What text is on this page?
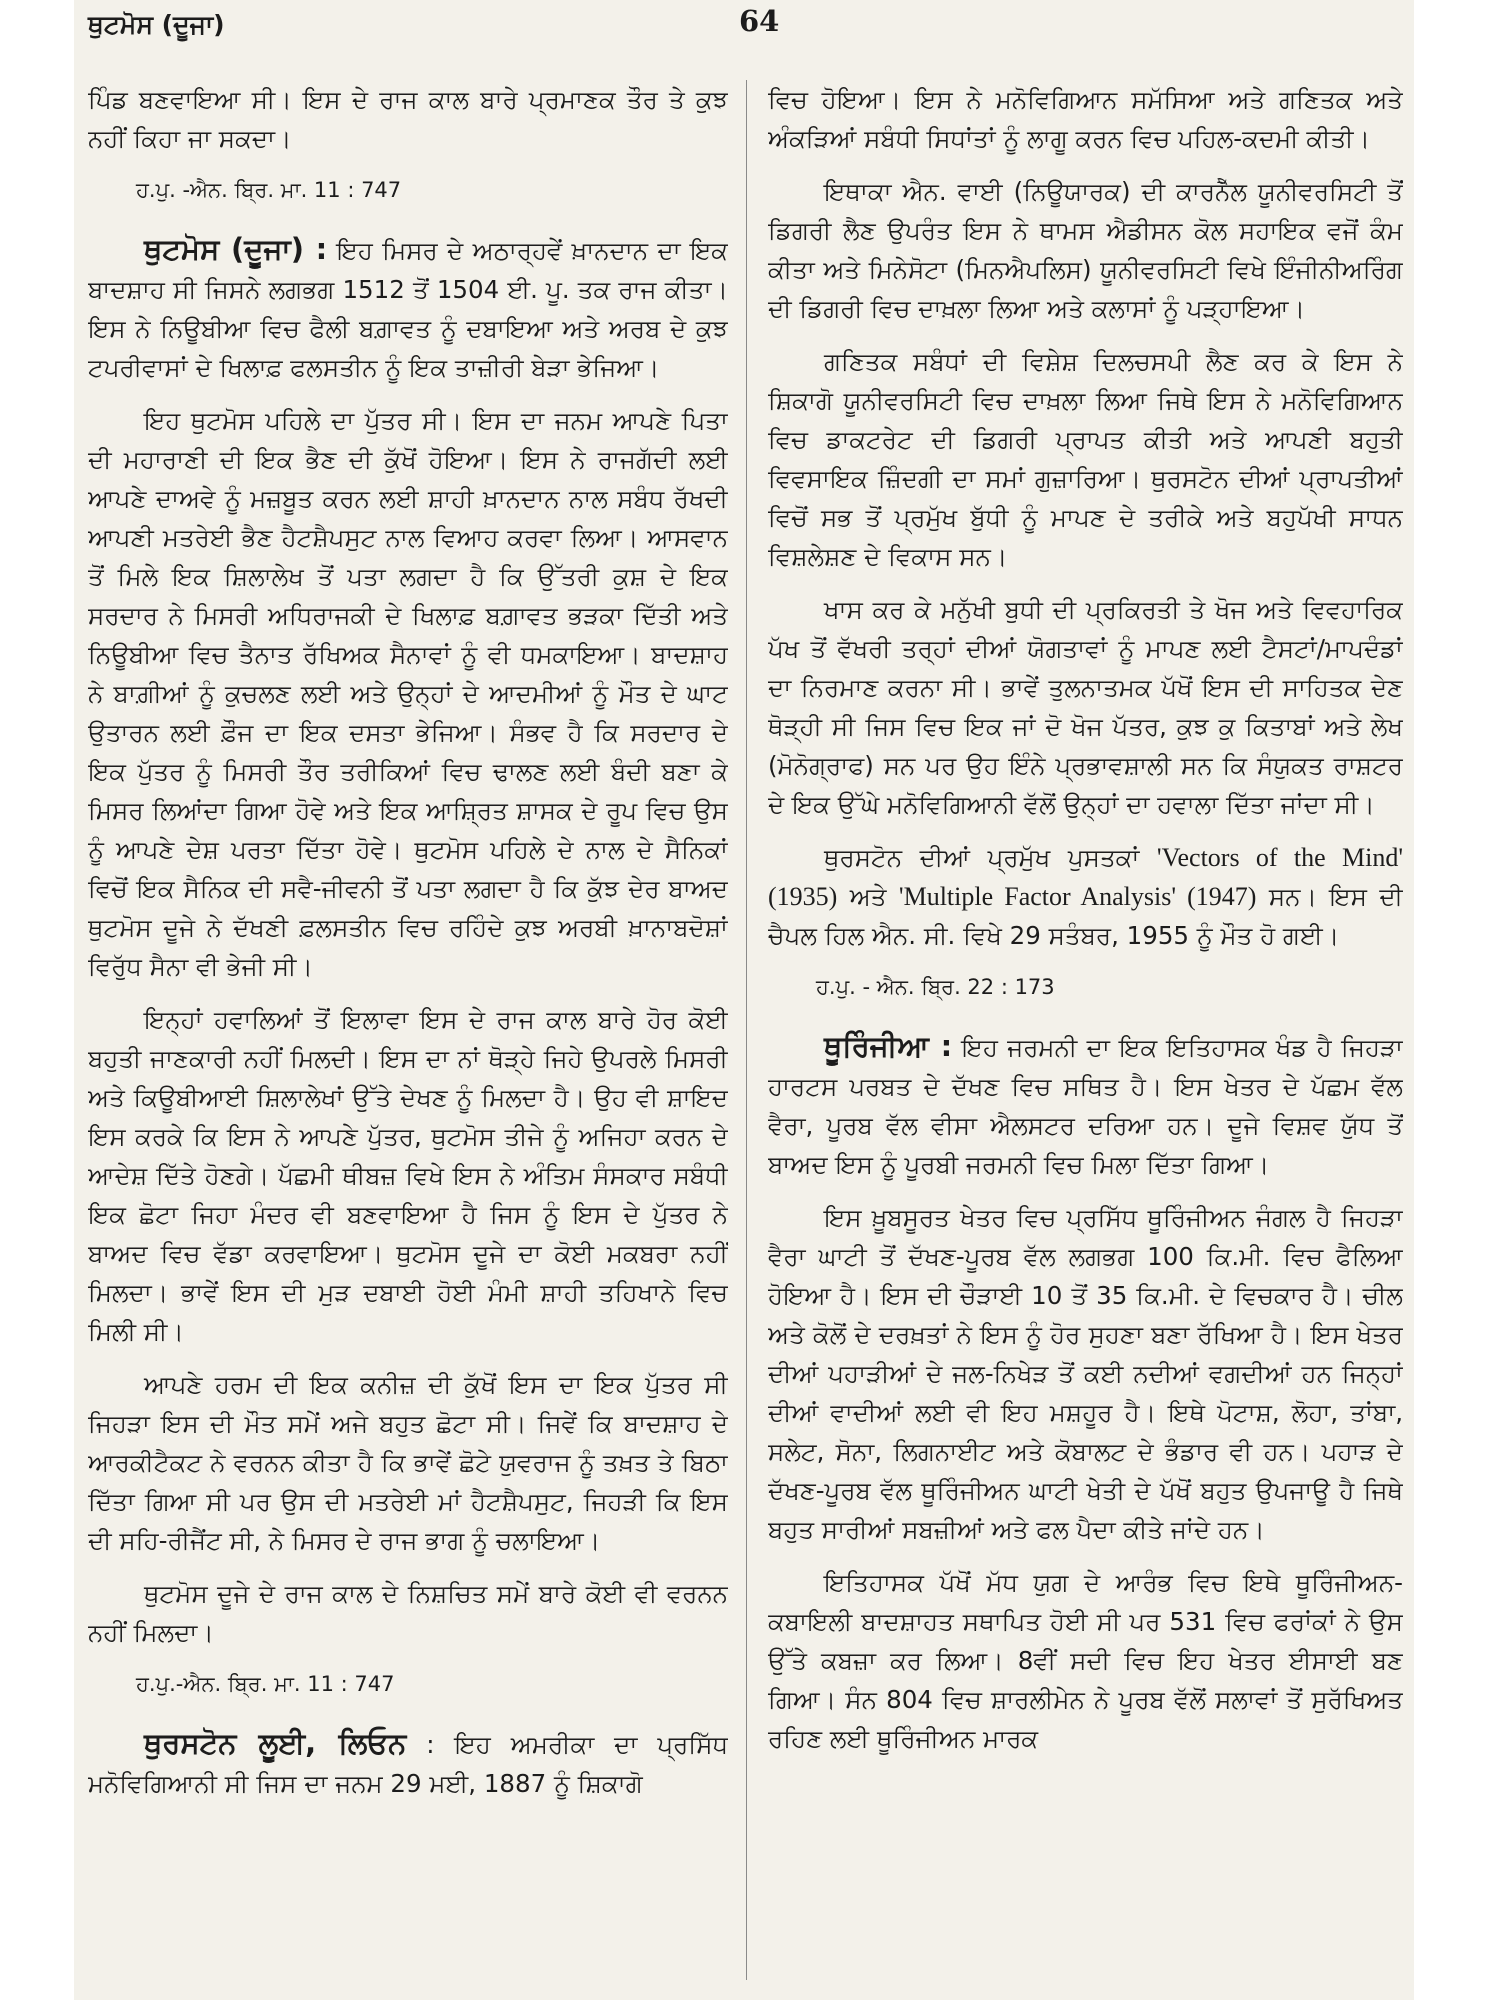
ਥੁਟਮੋਸ (ਦੂਜਾ)	64

ਪਿੰਡ ਬਣਵਾਇਆ ਸੀ। ਇਸ ਦੇ ਰਾਜ ਕਾਲ ਬਾਰੇ ਪ੍ਰਮਾਣਕ ਤੌਰ ਤੇ ਕੁਝ ਨਹੀਂ ਕਿਹਾ ਜਾ ਸਕਦਾ।

ਹ.ਪੁ. -ਐਨ. ਬ੍ਰਿ. ਮਾ. 11 : 747

ਥੁਟਮੋਸ (ਦੂਜਾ) : ਇਹ ਮਿਸਰ ਦੇ ਅਠਾਰ੍ਹਵੇਂ ਖ਼ਾਨਦਾਨ ਦਾ ਇਕ ਬਾਦਸ਼ਾਹ ਸੀ ਜਿਸਨੇ ਲਗਭਗ 1512 ਤੋਂ 1504 ਈ. ਪੂ. ਤਕ ਰਾਜ ਕੀਤਾ। ਇਸ ਨੇ ਨਿਊਬੀਆ ਵਿਚ ਫੈਲੀ ਬਗ਼ਾਵਤ ਨੂੰ ਦਬਾਇਆ ਅਤੇ ਅਰਬ ਦੇ ਕੁਝ ਟਪਰੀਵਾਸਾਂ ਦੇ ਖਿਲਾਫ਼ ਫਲਸਤੀਨ ਨੂੰ ਇਕ ਤਾਜ਼ੀਰੀ ਬੇੜਾ ਭੇਜਿਆ।

ਇਹ ਥੁਟਮੋਸ ਪਹਿਲੇ ਦਾ ਪੁੱਤਰ ਸੀ। ਇਸ ਦਾ ਜਨਮ ਆਪਣੇ ਪਿਤਾ ਦੀ ਮਹਾਰਾਣੀ ਦੀ ਇਕ ਭੈਣ ਦੀ ਕੁੱਖੋਂ ਹੋਇਆ। ਇਸ ਨੇ ਰਾਜਗੱਦੀ ਲਈ ਆਪਣੇ ਦਾਅਵੇ ਨੂੰ ਮਜ਼ਬੂਤ ਕਰਨ ਲਈ ਸ਼ਾਹੀ ਖ਼ਾਨਦਾਨ ਨਾਲ ਸਬੰਧ ਰੱਖਦੀ ਆਪਣੀ ਮਤਰੇਈ ਭੈਣ ਹੈਟਸ਼ੈਪਸੁਟ ਨਾਲ ਵਿਆਹ ਕਰਵਾ ਲਿਆ। ਆਸਵਾਨ ਤੋਂ ਮਿਲੇ ਇਕ ਸ਼ਿਲਾਲੇਖ ਤੋਂ ਪਤਾ ਲਗਦਾ ਹੈ ਕਿ ਉੱਤਰੀ ਕੁਸ਼ ਦੇ ਇਕ ਸਰਦਾਰ ਨੇ ਮਿਸਰੀ ਅਧਿਰਾਜਕੀ ਦੇ ਖਿਲਾਫ਼ ਬਗ਼ਾਵਤ ਭੜਕਾ ਦਿੱਤੀ ਅਤੇ ਨਿਊਬੀਆ ਵਿਚ ਤੈਨਾਤ ਰੱਖਿਅਕ ਸੈਨਾਵਾਂ ਨੂੰ ਵੀ ਧਮਕਾਇਆ। ਬਾਦਸ਼ਾਹ ਨੇ ਬਾਗ਼ੀਆਂ ਨੂੰ ਕੁਚਲਣ ਲਈ ਅਤੇ ਉਨ੍ਹਾਂ ਦੇ ਆਦਮੀਆਂ ਨੂੰ ਮੌਤ ਦੇ ਘਾਟ ਉਤਾਰਨ ਲਈ ਫ਼ੌਜ ਦਾ ਇਕ ਦਸਤਾ ਭੇਜਿਆ। ਸੰਭਵ ਹੈ ਕਿ ਸਰਦਾਰ ਦੇ ਇਕ ਪੁੱਤਰ ਨੂੰ ਮਿਸਰੀ ਤੌਰ ਤਰੀਕਿਆਂ ਵਿਚ ਢਾਲਣ ਲਈ ਬੰਦੀ ਬਣਾ ਕੇ ਮਿਸਰ ਲਿਆਂਦਾ ਗਿਆ ਹੋਵੇ ਅਤੇ ਇਕ ਆਸ਼੍ਰਿਤ ਸ਼ਾਸਕ ਦੇ ਰੂਪ ਵਿਚ ਉਸ ਨੂੰ ਆਪਣੇ ਦੇਸ਼ ਪਰਤਾ ਦਿੱਤਾ ਹੋਵੇ। ਥੁਟਮੋਸ ਪਹਿਲੇ ਦੇ ਨਾਲ ਦੇ ਸੈਨਿਕਾਂ ਵਿਚੋਂ ਇਕ ਸੈਨਿਕ ਦੀ ਸਵੈ-ਜੀਵਨੀ ਤੋਂ ਪਤਾ ਲਗਦਾ ਹੈ ਕਿ ਕੁੱਝ ਦੇਰ ਬਾਅਦ ਥੁਟਮੋਸ ਦੂਜੇ ਨੇ ਦੱਖਣੀ ਫ਼ਲਸਤੀਨ ਵਿਚ ਰਹਿੰਦੇ ਕੁਝ ਅਰਬੀ ਖ਼ਾਨਾਬਦੋਸ਼ਾਂ ਵਿਰੁੱਧ ਸੈਨਾ ਵੀ ਭੇਜੀ ਸੀ।

ਇਨ੍ਹਾਂ ਹਵਾਲਿਆਂ ਤੋਂ ਇਲਾਵਾ ਇਸ ਦੇ ਰਾਜ ਕਾਲ ਬਾਰੇ ਹੋਰ ਕੋਈ ਬਹੁਤੀ ਜਾਣਕਾਰੀ ਨਹੀਂ ਮਿਲਦੀ। ਇਸ ਦਾ ਨਾਂ ਥੋੜ੍ਹੇ ਜਿਹੇ ਉਪਰਲੇ ਮਿਸਰੀ ਅਤੇ ਕਿਊਬੀਆਈ ਸ਼ਿਲਾਲੇਖਾਂ ਉੱਤੇ ਦੇਖਣ ਨੂੰ ਮਿਲਦਾ ਹੈ। ਉਹ ਵੀ ਸ਼ਾਇਦ ਇਸ ਕਰਕੇ ਕਿ ਇਸ ਨੇ ਆਪਣੇ ਪੁੱਤਰ, ਥੁਟਮੋਸ ਤੀਜੇ ਨੂੰ ਅਜਿਹਾ ਕਰਨ ਦੇ ਆਦੇਸ਼ ਦਿੱਤੇ ਹੋਣਗੇ। ਪੱਛਮੀ ਥੀਬਜ਼ ਵਿਖੇ ਇਸ ਨੇ ਅੰਤਿਮ ਸੰਸਕਾਰ ਸਬੰਧੀ ਇਕ ਛੋਟਾ ਜਿਹਾ ਮੰਦਰ ਵੀ ਬਣਵਾਇਆ ਹੈ ਜਿਸ ਨੂੰ ਇਸ ਦੇ ਪੁੱਤਰ ਨੇ ਬਾਅਦ ਵਿਚ ਵੱਡਾ ਕਰਵਾਇਆ। ਥੁਟਮੋਸ ਦੂਜੇ ਦਾ ਕੋਈ ਮਕਬਰਾ ਨਹੀਂ ਮਿਲਦਾ। ਭਾਵੇਂ ਇਸ ਦੀ ਮੁੜ ਦਬਾਈ ਹੋਈ ਮੰਮੀ ਸ਼ਾਹੀ ਤਹਿਖਾਨੇ ਵਿਚ ਮਿਲੀ ਸੀ।

ਆਪਣੇ ਹਰਮ ਦੀ ਇਕ ਕਨੀਜ਼ ਦੀ ਕੁੱਖੋਂ ਇਸ ਦਾ ਇਕ ਪੁੱਤਰ ਸੀ ਜਿਹੜਾ ਇਸ ਦੀ ਮੌਤ ਸਮੇਂ ਅਜੇ ਬਹੁਤ ਛੋਟਾ ਸੀ। ਜਿਵੇਂ ਕਿ ਬਾਦਸ਼ਾਹ ਦੇ ਆਰਕੀਟੈਕਟ ਨੇ ਵਰਨਨ ਕੀਤਾ ਹੈ ਕਿ ਭਾਵੇਂ ਛੋਟੇ ਯੁਵਰਾਜ ਨੂੰ ਤਖ਼ਤ ਤੇ ਬਿਠਾ ਦਿੱਤਾ ਗਿਆ ਸੀ ਪਰ ਉਸ ਦੀ ਮਤਰੇਈ ਮਾਂ ਹੈਟਸ਼ੈਪਸੁਟ, ਜਿਹੜੀ ਕਿ ਇਸ ਦੀ ਸਹਿ-ਰੀਜੈਂਟ ਸੀ, ਨੇ ਮਿਸਰ ਦੇ ਰਾਜ ਭਾਗ ਨੂੰ ਚਲਾਇਆ।

ਥੁਟਮੋਸ ਦੂਜੇ ਦੇ ਰਾਜ ਕਾਲ ਦੇ ਨਿਸ਼ਚਿਤ ਸਮੇਂ ਬਾਰੇ ਕੋਈ ਵੀ ਵਰਨਨ ਨਹੀਂ ਮਿਲਦਾ।

ਹ.ਪੁ.-ਐਨ. ਬ੍ਰਿ. ਮਾ. 11 : 747

ਥੁਰਸਟੋਨ ਲੂਈ, ਲਿਓਨ : ਇਹ ਅਮਰੀਕਾ ਦਾ ਪ੍ਰਸਿੱਧ ਮਨੋਵਿਗਿਆਨੀ ਸੀ ਜਿਸ ਦਾ ਜਨਮ 29 ਮਈ, 1887 ਨੂੰ ਸ਼ਿਕਾਗੋ

ਵਿਚ ਹੋਇਆ। ਇਸ ਨੇ ਮਨੋਵਿਗਿਆਨ ਸਮੱਸਿਆ ਅਤੇ ਗਣਿਤਕ ਅਤੇ ਅੰਕੜਿਆਂ ਸਬੰਧੀ ਸਿਧਾਂਤਾਂ ਨੂੰ ਲਾਗੂ ਕਰਨ ਵਿਚ ਪਹਿਲ-ਕਦਮੀ ਕੀਤੀ।

ਇਥਾਕਾ ਐਨ. ਵਾਈ (ਨਿਊਯਾਰਕ) ਦੀ ਕਾਰਨੈੱਲ ਯੂਨੀਵਰਸਿਟੀ ਤੋਂ ਡਿਗਰੀ ਲੈਣ ਉਪਰੰਤ ਇਸ ਨੇ ਥਾਮਸ ਐਡੀਸਨ ਕੋਲ ਸਹਾਇਕ ਵਜੋਂ ਕੰਮ ਕੀਤਾ ਅਤੇ ਮਿਨੇਸੋਟਾ (ਮਿਨਐਪਲਿਸ) ਯੂਨੀਵਰਸਿਟੀ ਵਿਖੇ ਇੰਜੀਨੀਅਰਿੰਗ ਦੀ ਡਿਗਰੀ ਵਿਚ ਦਾਖ਼ਲਾ ਲਿਆ ਅਤੇ ਕਲਾਸਾਂ ਨੂੰ ਪੜ੍ਹਾਇਆ।

ਗਣਿਤਕ ਸਬੰਧਾਂ ਦੀ ਵਿਸ਼ੇਸ਼ ਦਿਲਚਸਪੀ ਲੈਣ ਕਰ ਕੇ ਇਸ ਨੇ ਸ਼ਿਕਾਗੋ ਯੂਨੀਵਰਸਿਟੀ ਵਿਚ ਦਾਖ਼ਲਾ ਲਿਆ ਜਿਥੇ ਇਸ ਨੇ ਮਨੋਵਿਗਿਆਨ ਵਿਚ ਡਾਕਟਰੇਟ ਦੀ ਡਿਗਰੀ ਪ੍ਰਾਪਤ ਕੀਤੀ ਅਤੇ ਆਪਣੀ ਬਹੁਤੀ ਵਿਵਸਾਇਕ ਜ਼ਿੰਦਗੀ ਦਾ ਸਮਾਂ ਗੁਜ਼ਾਰਿਆ। ਥੁਰਸਟੋਨ ਦੀਆਂ ਪ੍ਰਾਪਤੀਆਂ ਵਿਚੋਂ ਸਭ ਤੋਂ ਪ੍ਰਮੁੱਖ ਬੁੱਧੀ ਨੂੰ ਮਾਪਣ ਦੇ ਤਰੀਕੇ ਅਤੇ ਬਹੁਪੱਖੀ ਸਾਧਨ ਵਿਸ਼ਲੇਸ਼ਣ ਦੇ ਵਿਕਾਸ ਸਨ।

ਖਾਸ ਕਰ ਕੇ ਮਨੁੱਖੀ ਬੁਧੀ ਦੀ ਪ੍ਰਕਿਰਤੀ ਤੇ ਖੋਜ ਅਤੇ ਵਿਵਹਾਰਿਕ ਪੱਖ ਤੋਂ ਵੱਖਰੀ ਤਰ੍ਹਾਂ ਦੀਆਂ ਯੋਗਤਾਵਾਂ ਨੂੰ ਮਾਪਣ ਲਈ ਟੈਸਟਾਂ/ਮਾਪਦੰਡਾਂ ਦਾ ਨਿਰਮਾਣ ਕਰਨਾ ਸੀ। ਭਾਵੇਂ ਤੁਲਨਾਤਮਕ ਪੱਖੋਂ ਇਸ ਦੀ ਸਾਹਿਤਕ ਦੇਣ ਥੋੜ੍ਹੀ ਸੀ ਜਿਸ ਵਿਚ ਇਕ ਜਾਂ ਦੋ ਖੋਜ ਪੱਤਰ, ਕੁਝ ਕੁ ਕਿਤਾਬਾਂ ਅਤੇ ਲੇਖ (ਮੋਨੋਗ੍ਰਾਫ) ਸਨ ਪਰ ਉਹ ਇੰਨੇ ਪ੍ਰਭਾਵਸ਼ਾਲੀ ਸਨ ਕਿ ਸੰਯੁਕਤ ਰਾਸ਼ਟਰ ਦੇ ਇਕ ਉੱਘੇ ਮਨੋਵਿਗਿਆਨੀ ਵੱਲੋਂ ਉਨ੍ਹਾਂ ਦਾ ਹਵਾਲਾ ਦਿੱਤਾ ਜਾਂਦਾ ਸੀ।

ਥੁਰਸਟੋਨ ਦੀਆਂ ਪ੍ਰਮੁੱਖ ਪੁਸਤਕਾਂ 'Vectors of the Mind' (1935) ਅਤੇ 'Multiple Factor Analysis' (1947) ਸਨ। ਇਸ ਦੀ ਚੈਪਲ ਹਿਲ ਐਨ. ਸੀ. ਵਿਖੇ 29 ਸਤੰਬਰ, 1955 ਨੂੰ ਮੌਤ ਹੋ ਗਈ।

ਹ.ਪੁ. - ਐਨ. ਬ੍ਰਿ. 22 : 173

ਥੂਰਿੰਜੀਆ : ਇਹ ਜਰਮਨੀ ਦਾ ਇਕ ਇਤਿਹਾਸਕ ਖੰਡ ਹੈ ਜਿਹੜਾ ਹਾਰਟਸ ਪਰਬਤ ਦੇ ਦੱਖਣ ਵਿਚ ਸਥਿਤ ਹੈ। ਇਸ ਖੇਤਰ ਦੇ ਪੱਛਮ ਵੱਲ ਵੈਰਾ, ਪੂਰਬ ਵੱਲ ਵੀਸਾ ਐਲਸਟਰ ਦਰਿਆ ਹਨ। ਦੂਜੇ ਵਿਸ਼ਵ ਯੁੱਧ ਤੋਂ ਬਾਅਦ ਇਸ ਨੂੰ ਪੂਰਬੀ ਜਰਮਨੀ ਵਿਚ ਮਿਲਾ ਦਿੱਤਾ ਗਿਆ।

ਇਸ ਖ਼ੂਬਸੂਰਤ ਖੇਤਰ ਵਿਚ ਪ੍ਰਸਿੱਧ ਥੂਰਿੰਜੀਅਨ ਜੰਗਲ ਹੈ ਜਿਹੜਾ ਵੈਰਾ ਘਾਟੀ ਤੋਂ ਦੱਖਣ-ਪੂਰਬ ਵੱਲ ਲਗਭਗ 100 ਕਿ.ਮੀ. ਵਿਚ ਫੈਲਿਆ ਹੋਇਆ ਹੈ। ਇਸ ਦੀ ਚੌੜਾਈ 10 ਤੋਂ 35 ਕਿ.ਮੀ. ਦੇ ਵਿਚਕਾਰ ਹੈ। ਚੀਲ ਅਤੇ ਕੋਲੋਂ ਦੇ ਦਰਖ਼ਤਾਂ ਨੇ ਇਸ ਨੂੰ ਹੋਰ ਸੁਹਣਾ ਬਣਾ ਰੱਖਿਆ ਹੈ। ਇਸ ਖੇਤਰ ਦੀਆਂ ਪਹਾੜੀਆਂ ਦੇ ਜਲ-ਨਿਖੇੜ ਤੋਂ ਕਈ ਨਦੀਆਂ ਵਗਦੀਆਂ ਹਨ ਜਿਨ੍ਹਾਂ ਦੀਆਂ ਵਾਦੀਆਂ ਲਈ ਵੀ ਇਹ ਮਸ਼ਹੂਰ ਹੈ। ਇਥੇ ਪੋਟਾਸ਼, ਲੋਹਾ, ਤਾਂਬਾ, ਸਲੇਟ, ਸੋਨਾ, ਲਿਗਨਾਈਟ ਅਤੇ ਕੋਬਾਲਟ ਦੇ ਭੰਡਾਰ ਵੀ ਹਨ। ਪਹਾੜ ਦੇ ਦੱਖਣ-ਪੂਰਬ ਵੱਲ ਥੂਰਿੰਜੀਅਨ ਘਾਟੀ ਖੇਤੀ ਦੇ ਪੱਖੋਂ ਬਹੁਤ ਉਪਜਾਊ ਹੈ ਜਿਥੇ ਬਹੁਤ ਸਾਰੀਆਂ ਸਬਜ਼ੀਆਂ ਅਤੇ ਫਲ ਪੈਦਾ ਕੀਤੇ ਜਾਂਦੇ ਹਨ।

ਇਤਿਹਾਸਕ ਪੱਖੋਂ ਮੱਧ ਯੁਗ ਦੇ ਆਰੰਭ ਵਿਚ ਇਥੇ ਥੂਰਿੰਜੀਅਨ-ਕਬਾਇਲੀ ਬਾਦਸ਼ਾਹਤ ਸਥਾਪਿਤ ਹੋਈ ਸੀ ਪਰ 531 ਵਿਚ ਫਰਾਂਕਾਂ ਨੇ ਉਸ ਉੱਤੇ ਕਬਜ਼ਾ ਕਰ ਲਿਆ। 8ਵੀਂ ਸਦੀ ਵਿਚ ਇਹ ਖੇਤਰ ਈਸਾਈ ਬਣ ਗਿਆ। ਸੰਨ 804 ਵਿਚ ਸ਼ਾਰਲੀਮੇਨ ਨੇ ਪੂਰਬ ਵੱਲੋਂ ਸਲਾਵਾਂ ਤੋਂ ਸੁਰੱਖਿਅਤ ਰਹਿਣ ਲਈ ਥੂਰਿੰਜੀਅਨ ਮਾਰਕ
